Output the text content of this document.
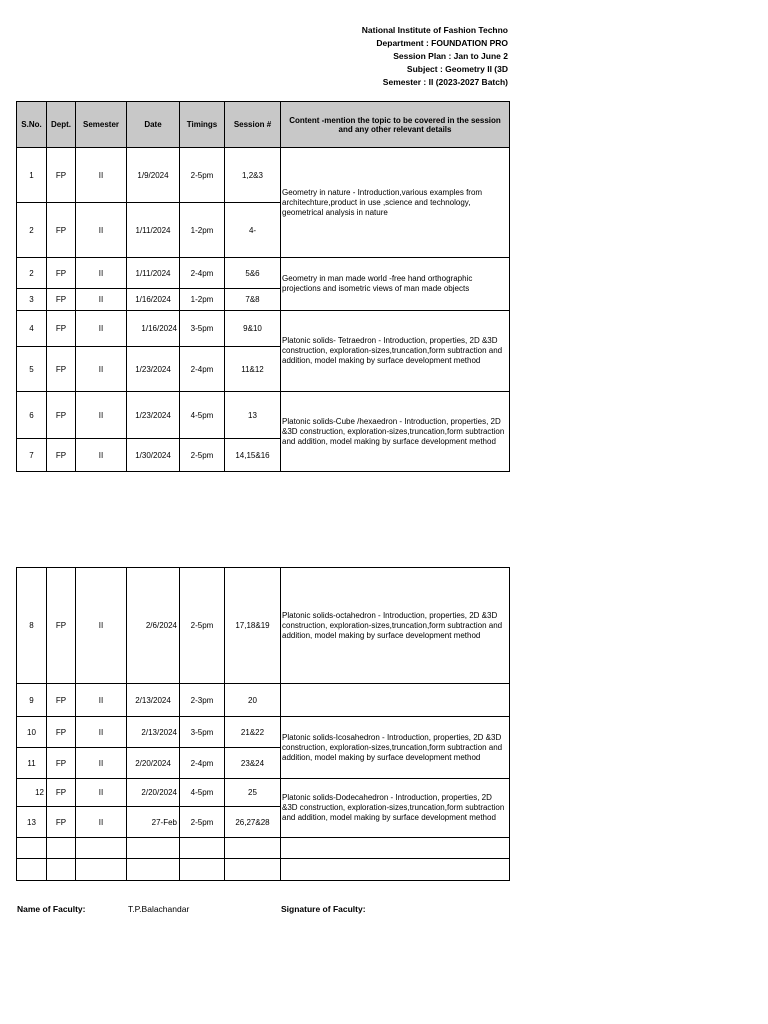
National Institute of Fashion Techno
Department : FOUNDATION PRO
Session Plan : Jan to June 2
Subject : Geometry II (3D
Semester : II (2023-2027 Batch)
S.No.	Dept.	Semester	Date	Timings	Session #	Content -mention the topic to be covered in the session and any other relevant details
1	FP	II	1/9/2024	2-5pm	1,2&3	Geometry in nature - Introduction,various examples from architechture,product in use ,science and technology, geometrical analysis in nature
2	FP	II	1/11/2024	1-2pm	4-	
2	FP	II	1/11/2024	2-4pm	5&6	Geometry in man made world -free hand orthographic projections and isometric views of man made objects
3	FP	II	1/16/2024	1-2pm	7&8	
4	FP	II	1/16/2024	3-5pm	9&10	Platonic solids- Tetraedron - Introduction, properties, 2D &3D construction, exploration-sizes,truncation,form subtraction and addition, model making by surface development method
5	FP	II	1/23/2024	2-4pm	11&12	
6	FP	II	1/23/2024	4-5pm	13	Platonic solids-Cube /hexaedron - Introduction, properties, 2D &3D construction, exploration-sizes,truncation,form subtraction and addition, model making by surface development method
7	FP	II	1/30/2024	2-5pm	14,15&16	
8	FP	II	2/6/2024	2-5pm	17,18&19	Platonic solids-octahedron - Introduction, properties, 2D &3D construction, exploration-sizes,truncation,form subtraction and addition, model making by surface development method
9	FP	II	2/13/2024	2-3pm	20	
10	FP	II	2/13/2024	3-5pm	21&22	Platonic solids-Icosahedron - Introduction, properties, 2D &3D construction, exploration-sizes,truncation,form subtraction and addition, model making by surface development method
11	FP	II	2/20/2024	2-4pm	23&24	
12	FP	II	2/20/2024	4-5pm	25	Platonic solids-Dodecahedron - Introduction, properties, 2D &3D construction, exploration-sizes,truncation,form subtraction and addition, model making by surface development method
13	FP	II	27-Feb	2-5pm	26,27&28	

Name of Faculty:	T.P.Balachandar	Signature of Faculty:
